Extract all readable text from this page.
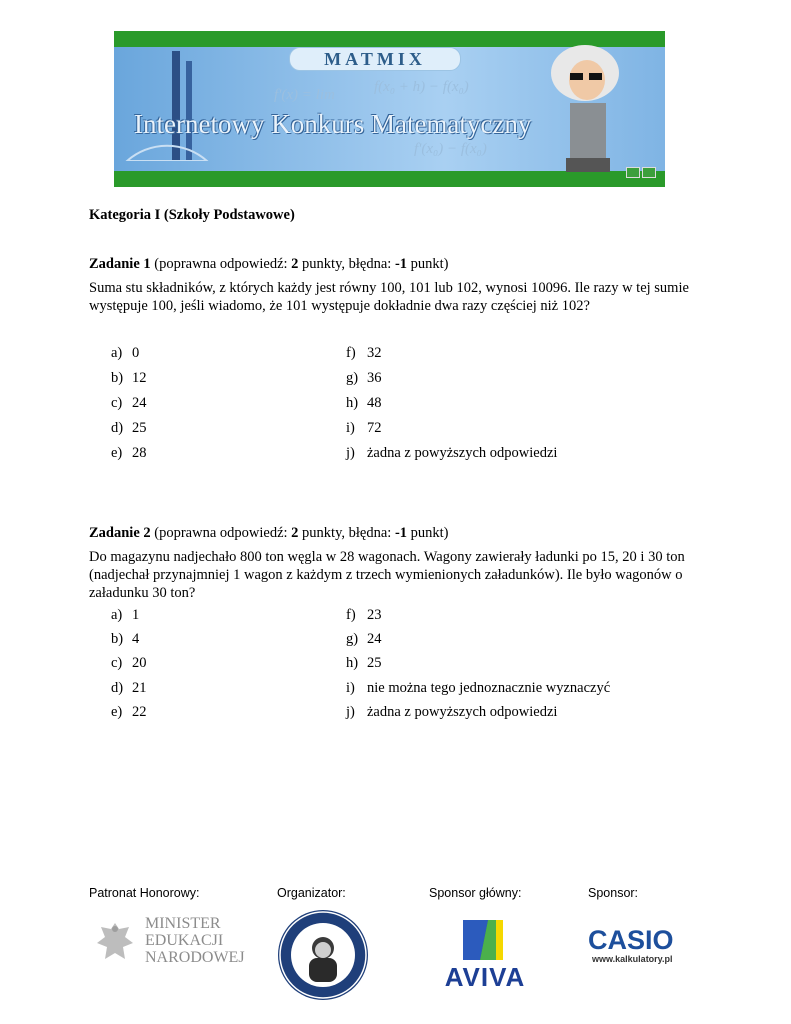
MATMIX
f'(x) = lim	f(x₀ + h) − f(x₀)
f'(x₀) − f(x₀)
Internetowy Konkurs Matematyczny
Kategoria I (Szkoły Podstawowe)
Zadanie 1 (poprawna odpowiedź: 2 punkty, błędna: -1 punkt)
Suma stu składników, z których każdy jest równy 100, 101 lub 102, wynosi 10096. Ile razy w tej sumie
występuje 100, jeśli wiadomo, że 101 występuje dokładnie dwa razy częściej niż 102?
a) 0
b) 12
c) 24
d) 25
e) 28
f) 32
g) 36
h) 48
i) 72
j) żadna z powyższych odpowiedzi
Zadanie 2 (poprawna odpowiedź: 2 punkty, błędna: -1 punkt)
Do magazynu nadjechało 800 ton węgla w 28 wagonach. Wagony zawierały ładunki po 15, 20 i 30 ton
(nadjechał przynajmniej 1 wagon z każdym z trzech wymienionych załadunków). Ile było wagonów o
załadunku 30 ton?
a) 1
b) 4
c) 20
d) 21
e) 22
f) 23
g) 24
h) 25
i) nie można tego jednoznacznie wyznaczyć
j) żadna z powyższych odpowiedzi
Patronat Honorowy:	Organizator:	Sponsor główny:	Sponsor:
MINISTER
EDUKACJI
NARODOWEJ
AVIVA
CASIO
www.kalkulatory.pl
